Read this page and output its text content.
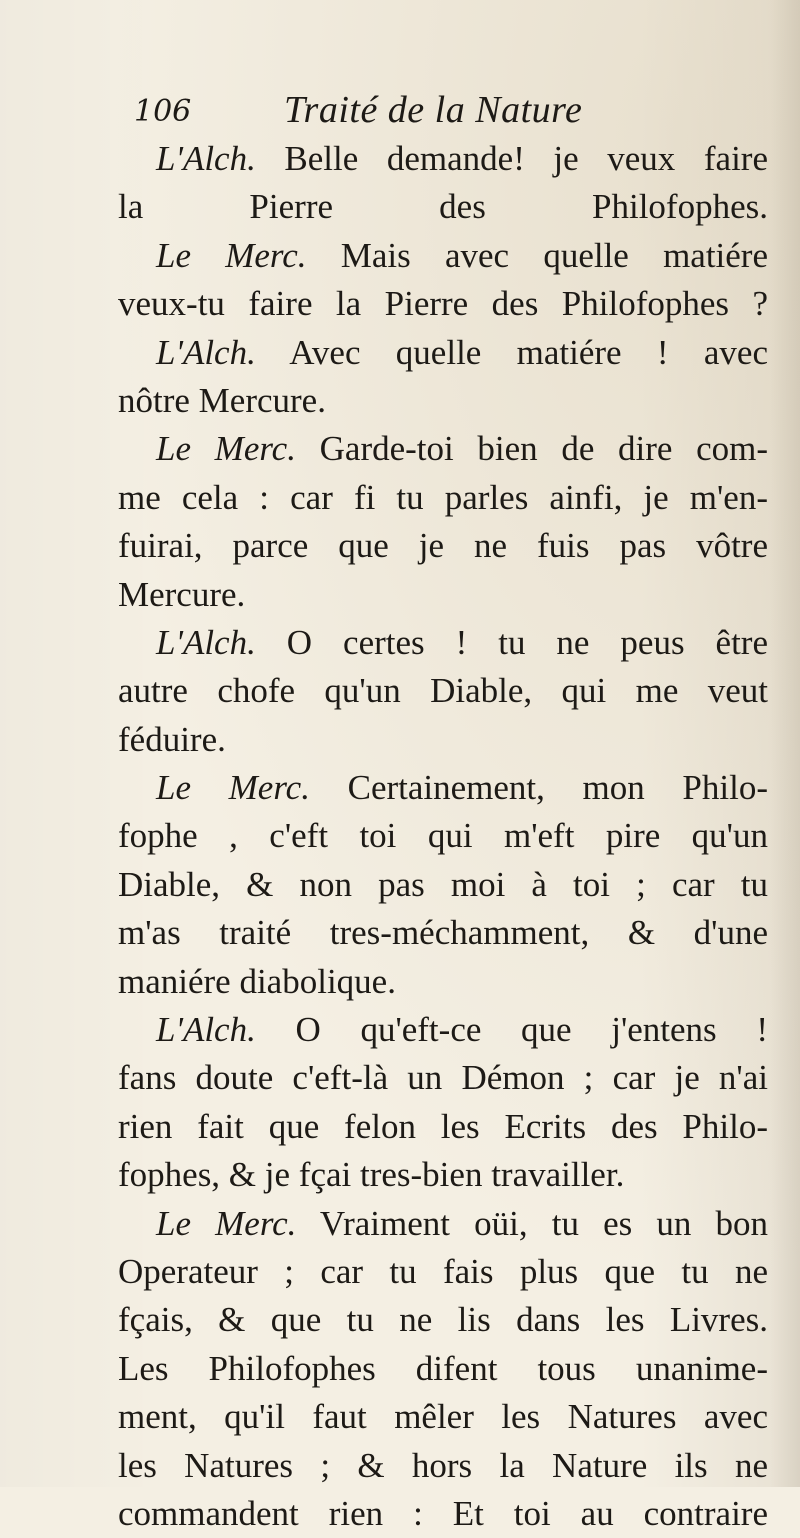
106 Traité de la Nature
L'Alch. Belle demande! je veux faire
la Pierre des Philofophes.
Le Merc. Mais avec quelle matiére
veux-tu faire la Pierre des Philofophes ?
L'Alch. Avec quelle matiére ! avec
nôtre Mercure.
Le Merc. Garde-toi bien de dire com-
me cela : car fi tu parles ainfi, je m'en-
fuirai, parce que je ne fuis pas vôtre
Mercure.
L'Alch. O certes ! tu ne peus être
autre chofe qu'un Diable, qui me veut
féduire.
Le Merc. Certainement, mon Philo-
fophe , c'eft toi qui m'eft pire qu'un
Diable, & non pas moi à toi ; car tu
m'as traité tres-méchamment, & d'une
maniére diabolique.
L'Alch. O qu'eft-ce que j'entens !
fans doute c'eft-là un Démon ; car je n'ai
rien fait que felon les Ecrits des Philo-
fophes, & je fçai tres-bien travailler.
Le Merc. Vraiment oüi, tu es un bon
Operateur ; car tu fais plus que tu ne
fçais, & que tu ne lis dans les Livres.
Les Philofophes difent tous unanime-
ment, qu'il faut mêler les Natures avec
les Natures ; & hors la Nature ils ne
commandent rien : Et toi au contraire
